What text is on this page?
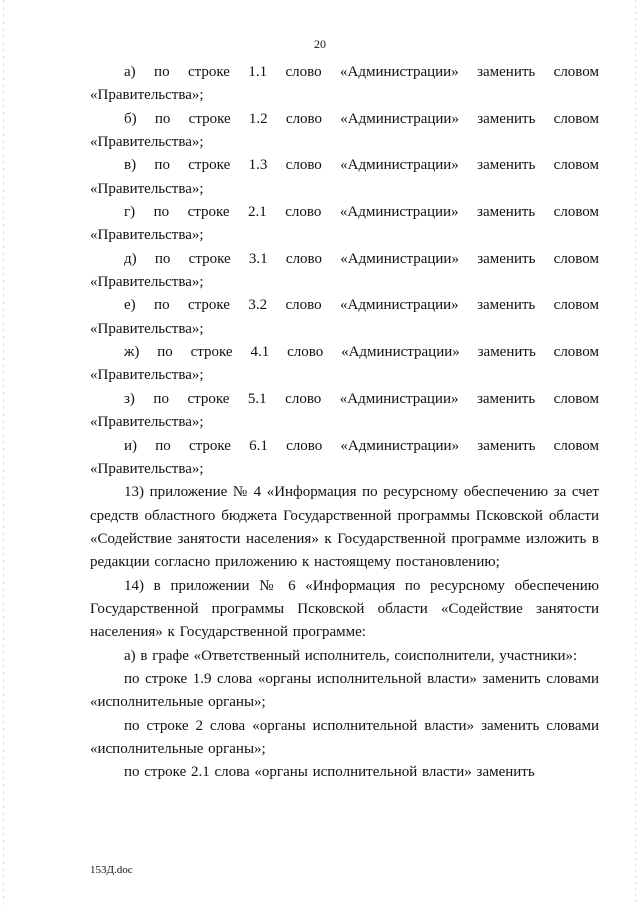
20

а) по строке 1.1 слово «Администрации» заменить словом «Правительства»;

б) по строке 1.2 слово «Администрации» заменить словом «Правительства»;

в) по строке 1.3 слово «Администрации» заменить словом «Правительства»;

г) по строке 2.1 слово «Администрации» заменить словом «Правительства»;

д) по строке 3.1 слово «Администрации» заменить словом «Правительства»;

е) по строке 3.2 слово «Администрации» заменить словом «Правительства»;

ж) по строке 4.1 слово «Администрации» заменить словом «Правительства»;

з) по строке 5.1 слово «Администрации» заменить словом «Правительства»;

и) по строке 6.1 слово «Администрации» заменить словом «Правительства»;

13) приложение № 4 «Информация по ресурсному обеспечению за счет средств областного бюджета Государственной программы Псковской области «Содействие занятости населения» к Государственной программе изложить в редакции согласно приложению к настоящему постановлению;

14) в приложении № 6 «Информация по ресурсному обеспечению Государственной программы Псковской области «Содействие занятости населения» к Государственной программе:

а) в графе «Ответственный исполнитель, соисполнители, участники»:

по строке 1.9 слова «органы исполнительной власти» заменить словами «исполнительные органы»;

по строке 2 слова «органы исполнительной власти» заменить словами «исполнительные органы»;

по строке 2.1 слова «органы исполнительной власти» заменить

153Д.doc
